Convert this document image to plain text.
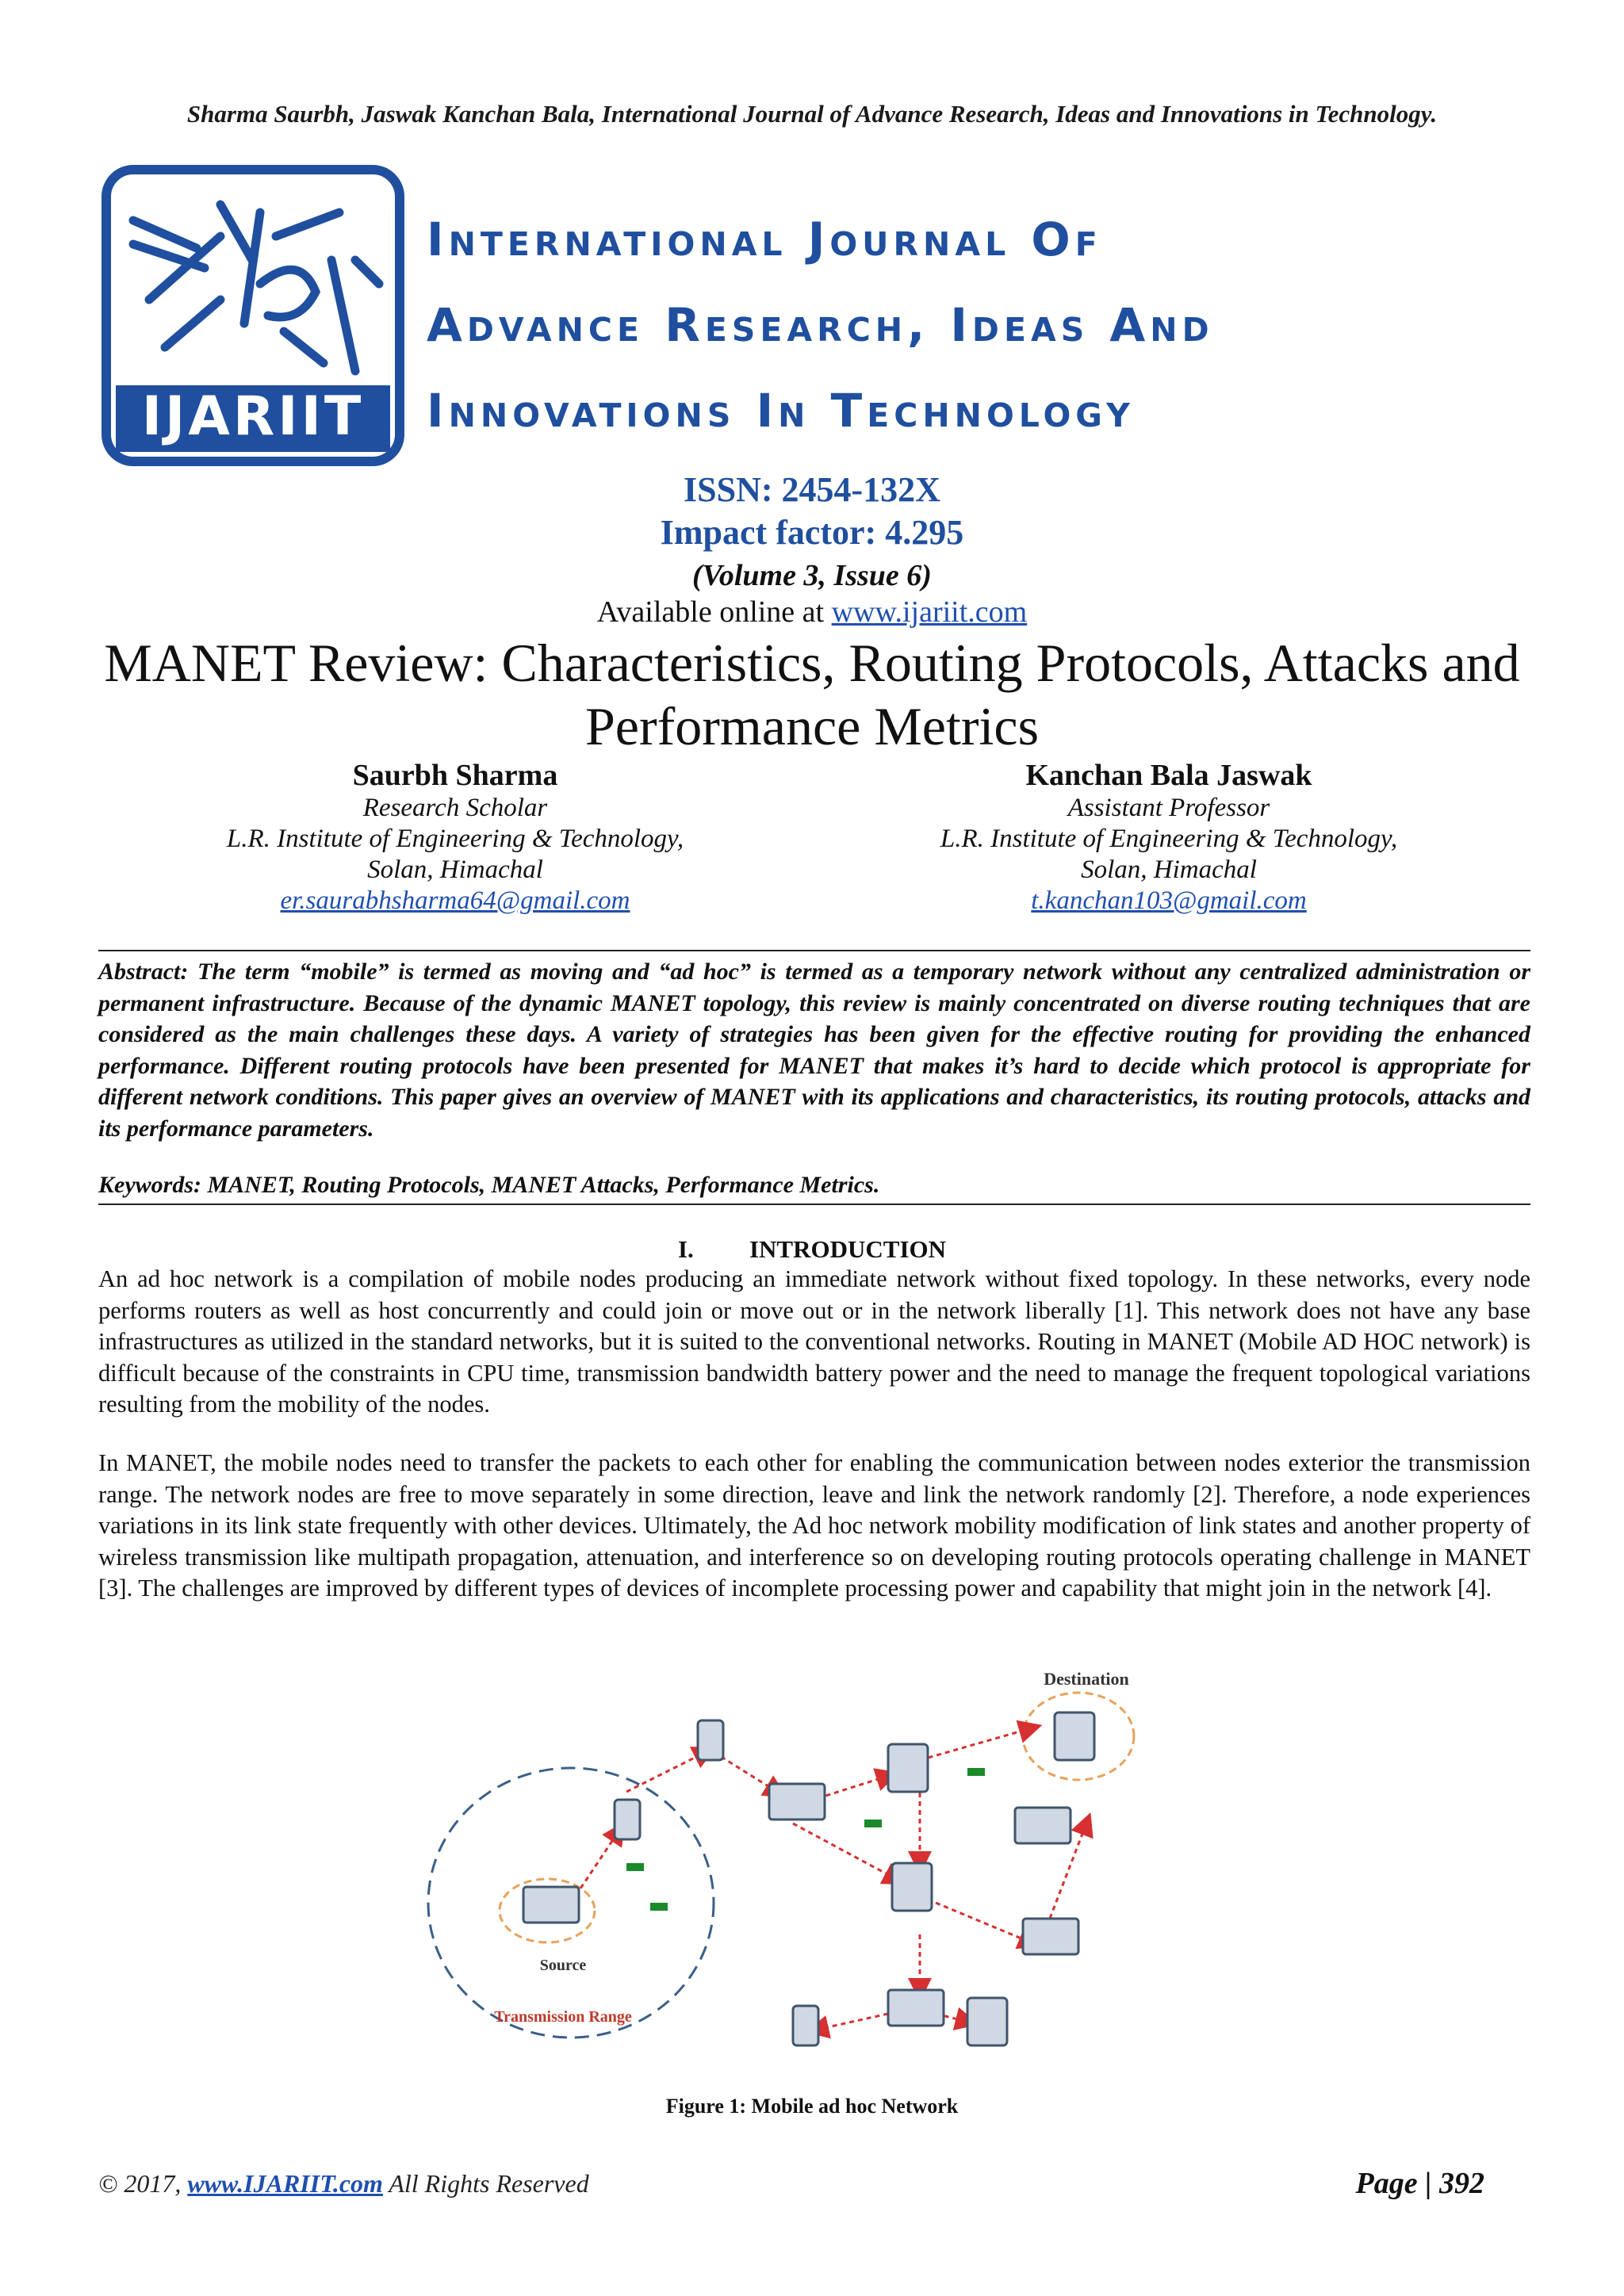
Sharma Saurbh, Jaswak Kanchan Bala, International Journal of Advance Research, Ideas and Innovations in Technology.
IJARIIT
International Journal Of
Advance Research, Ideas And
Innovations In Technology
ISSN: 2454-132X
Impact factor: 4.295
(Volume 3, Issue 6)
Available online at www.ijariit.com
MANET Review: Characteristics, Routing Protocols, Attacks and Performance Metrics
Saurbh Sharma
Research Scholar
L.R. Institute of Engineering & Technology,
Solan, Himachal
er.saurabhsharma64@gmail.com
Kanchan Bala Jaswak
Assistant Professor
L.R. Institute of Engineering & Technology,
Solan, Himachal
t.kanchan103@gmail.com
Abstract: The term “mobile” is termed as moving and “ad hoc” is termed as a temporary network without any centralized administration or permanent infrastructure. Because of the dynamic MANET topology, this review is mainly concentrated on diverse routing techniques that are considered as the main challenges these days. A variety of strategies has been given for the effective routing for providing the enhanced performance. Different routing protocols have been presented for MANET that makes it’s hard to decide which protocol is appropriate for different network conditions. This paper gives an overview of MANET with its applications and characteristics, its routing protocols, attacks and its performance parameters.
Keywords: MANET, Routing Protocols, MANET Attacks, Performance Metrics.
I. INTRODUCTION
An ad hoc network is a compilation of mobile nodes producing an immediate network without fixed topology. In these networks, every node performs routers as well as host concurrently and could join or move out or in the network liberally [1]. This network does not have any base infrastructures as utilized in the standard networks, but it is suited to the conventional networks. Routing in MANET (Mobile AD HOC network) is difficult because of the constraints in CPU time, transmission bandwidth battery power and the need to manage the frequent topological variations resulting from the mobility of the nodes.
In MANET, the mobile nodes need to transfer the packets to each other for enabling the communication between nodes exterior the transmission range. The network nodes are free to move separately in some direction, leave and link the network randomly [2]. Therefore, a node experiences variations in its link state frequently with other devices. Ultimately, the Ad hoc network mobility modification of link states and another property of wireless transmission like multipath propagation, attenuation, and interference so on developing routing protocols operating challenge in MANET [3]. The challenges are improved by different types of devices of incomplete processing power and capability that might join in the network [4].
Destination
Source
Transmission Range
Figure 1: Mobile ad hoc Network
© 2017, www.IJARIIT.com All Rights Reserved	Page | 392
